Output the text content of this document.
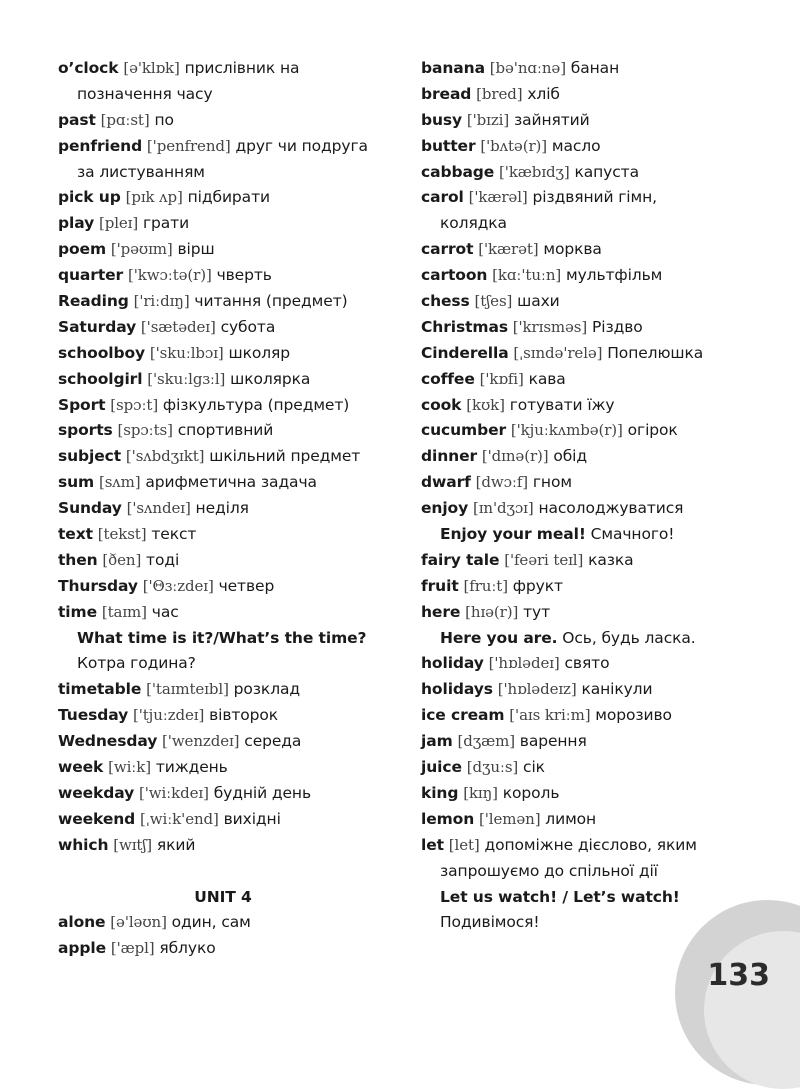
o’clock [ə'klɒk] прислівник на
позначення часу
past [pɑːst] по
penfriend ['penfrend] друг чи подруга
за листуванням
pick up [pɪk ʌp] підбирати
play [pleɪ] грати
poem ['pəʊɪm] вірш
quarter ['kwɔːtə(r)] чверть
Reading ['riːdɪŋ] читання (предмет)
Saturday ['sætədeɪ] субота
schoolboy ['skuːlbɔɪ] школяр
schoolgirl ['skuːlgɜːl] школярка
Sport [spɔːt] фізкультура (предмет)
sports [spɔːts] спортивний
subject ['sʌbdʒɪkt] шкільний предмет
sum [sʌm] арифметична задача
Sunday ['sʌndeɪ] неділя
text [tekst] текст
then [ðen] тоді
Thursday ['Θɜːzdeɪ] четвер
time [taɪm] час
What time is it?/What’s the time?
Котра година?
timetable ['taɪmteɪbl] розклад
Tuesday ['tjuːzdeɪ] вівторок
Wednesday ['wenzdeɪ] середа
week [wiːk] тиждень
weekday ['wiːkdeɪ] будній день
weekend [ˌwiːk'end] вихідні
which [wɪtʃ] який
UNIT 4
alone [ə'ləʊn] один, сам
apple ['æpl] яблуко
banana [bə'nɑːnə] банан
bread [bred] хліб
busy ['bɪzi] зайнятий
butter ['bʌtə(r)] масло
cabbage ['kæbɪdʒ] капуста
carol ['kærəl] різдвяний гімн,
колядка
carrot ['kærət] морква
cartoon [kɑː'tuːn] мультфільм
chess [tʃes] шахи
Christmas ['krɪsməs] Різдво
Cinderella [ˌsɪndə'relə] Попелюшка
coffee ['kɒfi] кава
cook [kʊk] готувати їжу
cucumber ['kjuːkʌmbə(r)] огірок
dinner ['dɪnə(r)] обід
dwarf [dwɔːf] гном
enjoy [ɪn'dʒɔɪ] насолоджуватися
Enjoy your meal! Смачного!
fairy tale ['feəri teɪl] казка
fruit [fruːt] фрукт
here [hɪə(r)] тут
Here you are. Ось, будь ласка.
holiday ['hɒlədeɪ] свято
holidays ['hɒlədeɪz] канікули
ice cream ['aɪs kriːm] морозиво
jam [dʒæm] варення
juice [dʒuːs] сік
king [kɪŋ] король
lemon ['lemən] лимон
let [let] допоміжне дієслово, яким
запрошуємо до спільної дії
Let us watch! / Let’s watch!
Подивімося!
133
